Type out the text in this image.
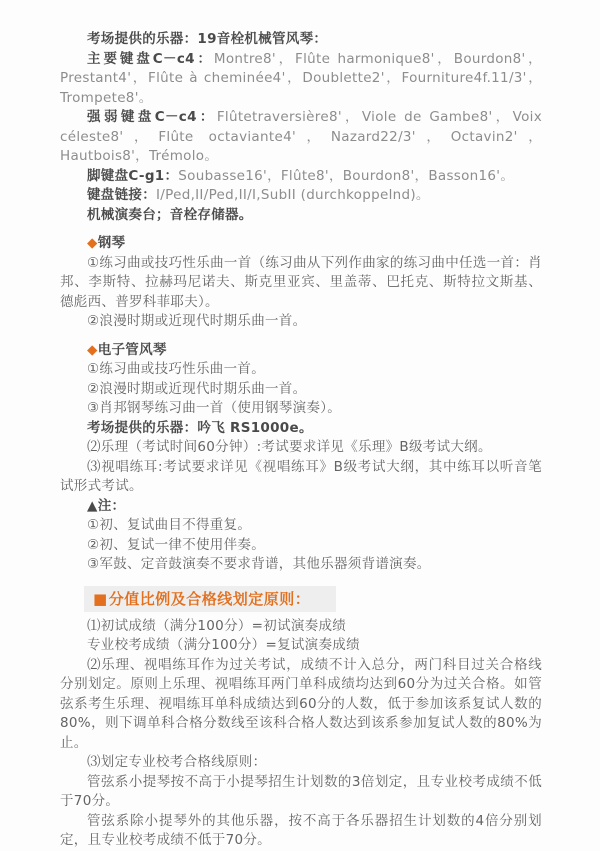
考场提供的乐器：19音栓机械管风琴：

主要键盘C－c4：Montre8'，Flûte harmonique8'，Bourdon8'，Prestant4'，Flûte à cheminée4'，Doublette2'，Fourniture4f.11/3'，Trompete8'。

强弱键盘C－c4：Flûtetraversière8'，Viole de Gambe8'，Voix céleste8'，Flûte octaviante4'，Nazard22/3'，Octavin2'，Hautbois8'，Trémolo。

脚键盘C-g1：Soubasse16'，Flûte8'，Bourdon8'，Basson16'。

键盘链接：I/Ped,II/Ped,II/I,SubII (durchkoppelnd)。

机械演奏台；音栓存储器。

◆钢琴

①练习曲或技巧性乐曲一首（练习曲从下列作曲家的练习曲中任选一首：肖邦、李斯特、拉赫玛尼诺夫、斯克里亚宾、里盖蒂、巴托克、斯特拉文斯基、德彪西、普罗科菲耶夫）。

②浪漫时期或近现代时期乐曲一首。

◆电子管风琴

①练习曲或技巧性乐曲一首。

②浪漫时期或近现代时期乐曲一首。

③肖邦钢琴练习曲一首（使用钢琴演奏）。

考场提供的乐器：吟飞 RS1000e。

⑵乐理（考试时间60分钟）:考试要求详见《乐理》B级考试大纲。

⑶视唱练耳:考试要求详见《视唱练耳》B级考试大纲，其中练耳以听音笔试形式考试。

▲注：

①初、复试曲目不得重复。

②初、复试一律不使用伴奏。

③军鼓、定音鼓演奏不要求背谱，其他乐器须背谱演奏。

■分值比例及合格线划定原则：

⑴初试成绩（满分100分）=初试演奏成绩

专业校考成绩（满分100分）=复试演奏成绩

⑵乐理、视唱练耳作为过关考试，成绩不计入总分，两门科目过关合格线分别划定。原则上乐理、视唱练耳两门单科成绩均达到60分为过关合格。如管弦系考生乐理、视唱练耳单科成绩达到60分的人数，低于参加该系复试人数的80%，则下调单科合格分数线至该科合格人数达到该系参加复试人数的80%为止。

⑶划定专业校考合格线原则：

管弦系小提琴按不高于小提琴招生计划数的3倍划定，且专业校考成绩不低于70分。

管弦系除小提琴外的其他乐器，按不高于各乐器招生计划数的4倍分别划定，且专业校考成绩不低于70分。
